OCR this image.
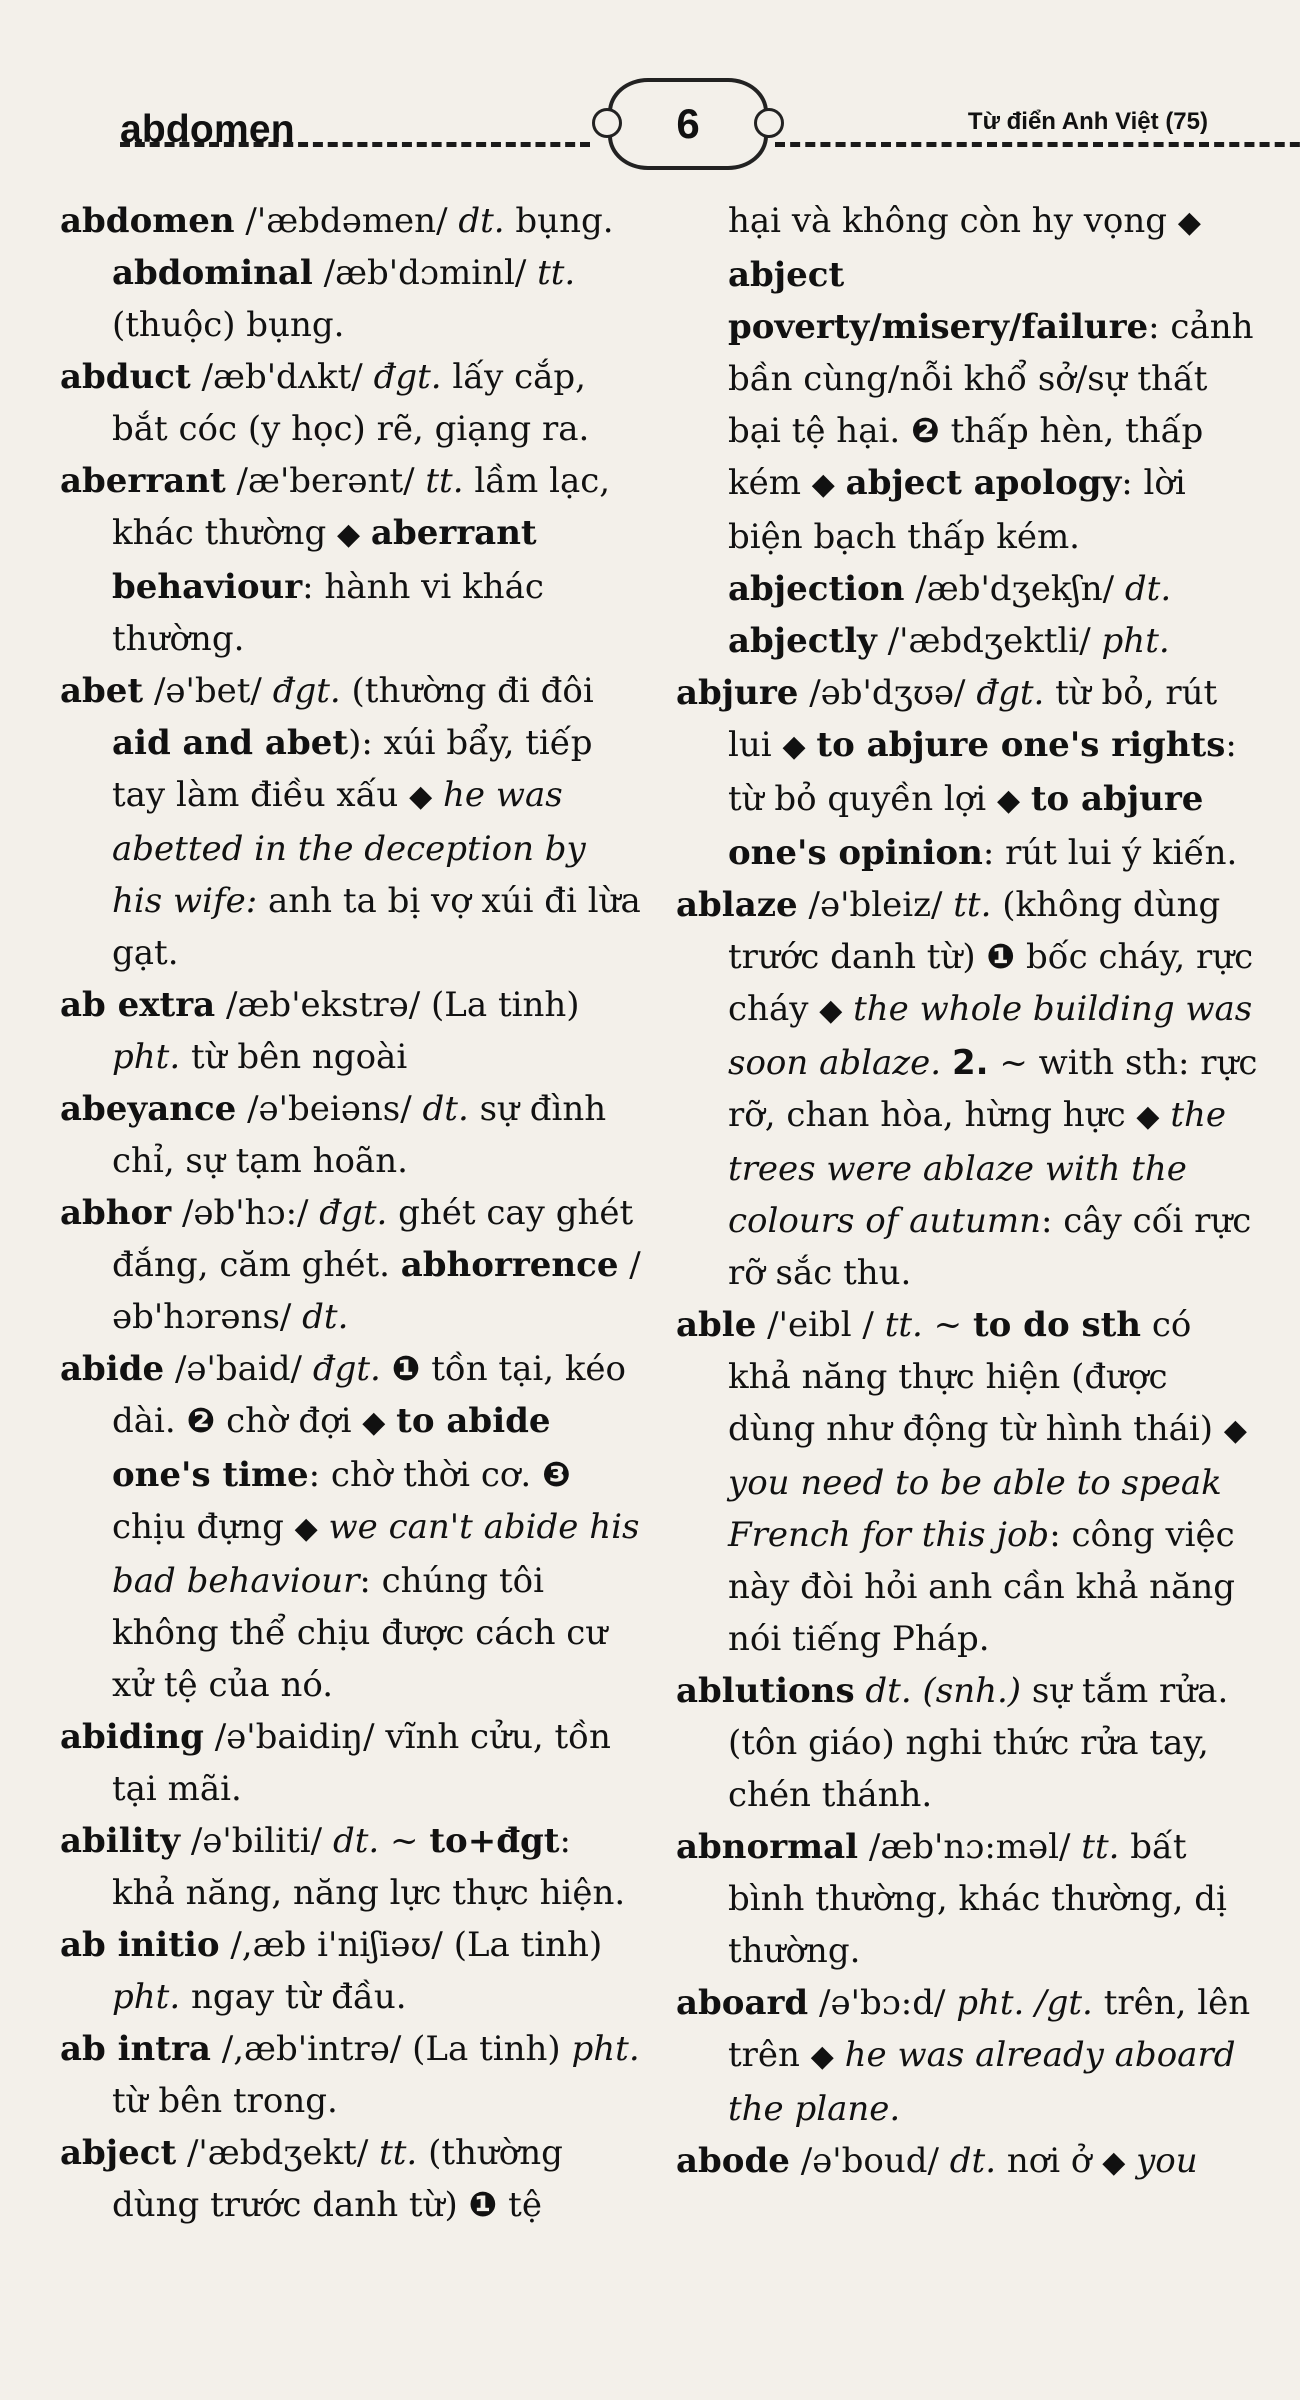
abdomen	6	Từ điển Anh Việt (75)

abdomen /'æbdəmen/ dt. bụng. abdominal /æb'dɔminl/ tt. (thuộc) bụng.

abduct /æb'dʌkt/ đgt. lấy cắp, bắt cóc (y học) rẽ, giạng ra.

aberrant /æ'berənt/ tt. lầm lạc, khác thường ◆ aberrant behaviour: hành vi khác thường.

abet /ə'bet/ đgt. (thường đi đôi aid and abet): xúi bẩy, tiếp tay làm điều xấu ◆ he was abetted in the deception by his wife: anh ta bị vợ xúi đi lừa gạt.

ab extra /æb'ekstrə/ (La tinh) pht. từ bên ngoài

abeyance /ə'beiəns/ dt. sự đình chỉ, sự tạm hoãn.

abhor /əb'hɔ:/ đgt. ghét cay ghét đắng, căm ghét. abhorrence /əb'hɔrəns/ dt.

abide /ə'baid/ đgt. ❶ tồn tại, kéo dài. ❷ chờ đợi ◆ to abide one's time: chờ thời cơ. ❸ chịu đựng ◆ we can't abide his bad behaviour: chúng tôi không thể chịu được cách cư xử tệ của nó.

abiding /ə'baidiŋ/ vĩnh cửu, tồn tại mãi.

ability /ə'biliti/ dt. ~ to+đgt: khả năng, năng lực thực hiện.

ab initio /,æb i'niʃiəʊ/ (La tinh) pht. ngay từ đầu.

ab intra /,æb'intrə/ (La tinh) pht. từ bên trong.

abject /'æbdʒekt/ tt. (thường dùng trước danh từ) ❶ tệ

hại và không còn hy vọng ◆ abject poverty/misery/failure: cảnh bần cùng/nỗi khổ sở/sự thất bại tệ hại. ❷ thấp hèn, thấp kém ◆ abject apology: lời biện bạch thấp kém. abjection /æb'dʒekʃn/ dt. abjectly /'æbdʒektli/ pht.

abjure /əb'dʒʊə/ đgt. từ bỏ, rút lui ◆ to abjure one's rights: từ bỏ quyền lợi ◆ to abjure one's opinion: rút lui ý kiến.

ablaze /ə'bleiz/ tt. (không dùng trước danh từ) ❶ bốc cháy, rực cháy ◆ the whole building was soon ablaze. 2. ~ with sth: rực rỡ, chan hòa, hừng hực ◆ the trees were ablaze with the colours of autumn: cây cối rực rỡ sắc thu.

able /'eibl / tt. ~ to do sth có khả năng thực hiện (được dùng như động từ hình thái) ◆ you need to be able to speak French for this job: công việc này đòi hỏi anh cần khả năng nói tiếng Pháp.

ablutions dt. (snh.) sự tắm rửa. (tôn giáo) nghi thức rửa tay, chén thánh.

abnormal /æb'nɔ:məl/ tt. bất bình thường, khác thường, dị thường.

aboard /ə'bɔ:d/ pht. /gt. trên, lên trên ◆ he was already aboard the plane.

abode /ə'boud/ dt. nơi ở ◆ you
